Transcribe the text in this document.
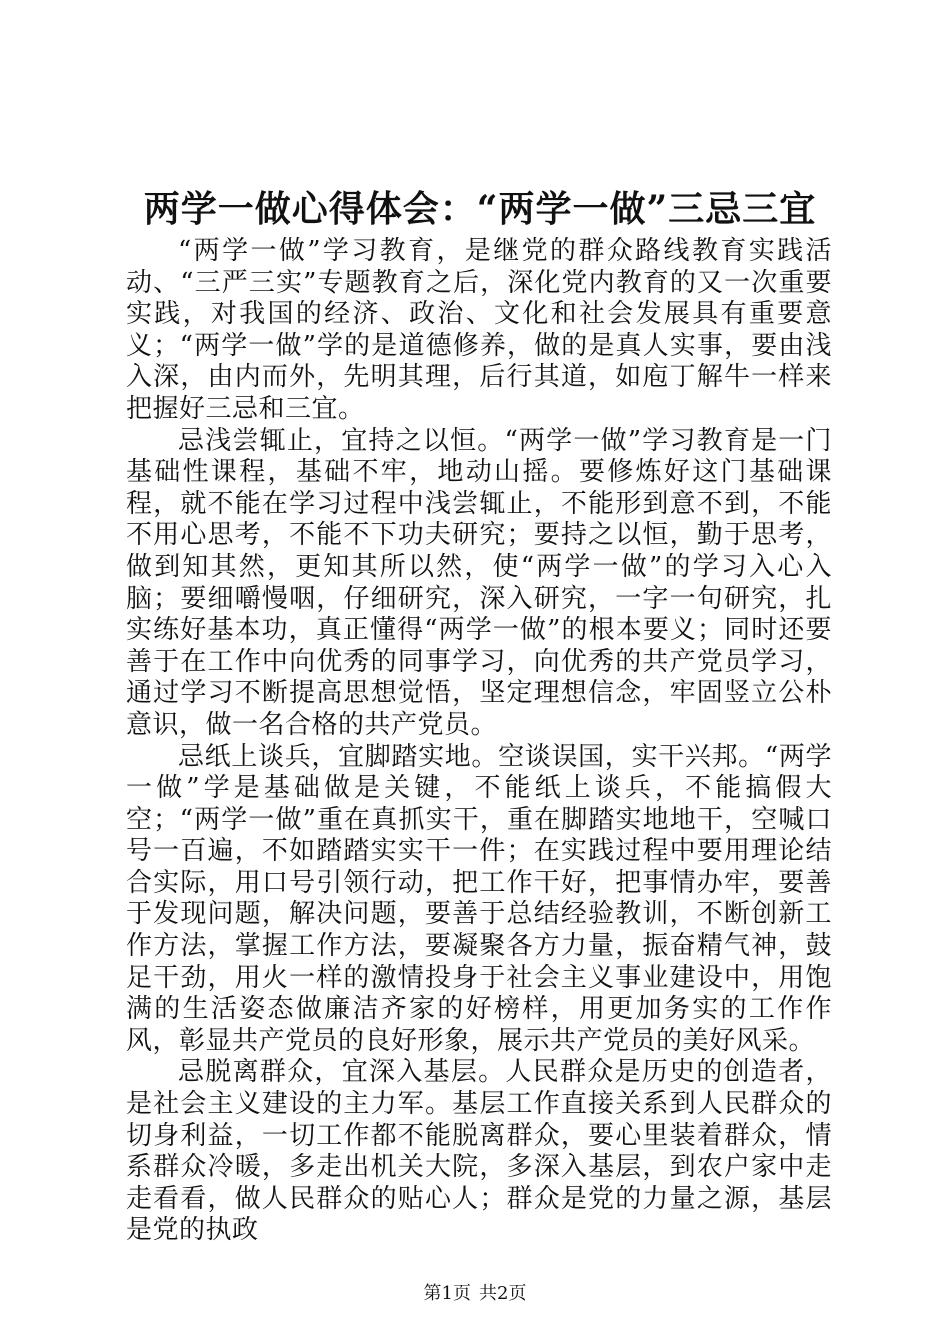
两学一做心得体会：“两学一做”三忌三宜

“两学一做”学习教育，是继党的群众路线教育实践活动、“三严三实”专题教育之后，深化党内教育的又一次重要实践，对我国的经济、政治、文化和社会发展具有重要意义；“两学一做”学的是道德修养，做的是真人实事，要由浅入深，由内而外，先明其理，后行其道，如庖丁解牛一样来把握好三忌和三宜。

忌浅尝辄止，宜持之以恒。“两学一做”学习教育是一门基础性课程，基础不牢，地动山摇。要修炼好这门基础课程，就不能在学习过程中浅尝辄止，不能形到意不到，不能不用心思考，不能不下功夫研究；要持之以恒，勤于思考，做到知其然，更知其所以然，使“两学一做”的学习入心入脑；要细嚼慢咽，仔细研究，深入研究，一字一句研究，扎实练好基本功，真正懂得“两学一做”的根本要义；同时还要善于在工作中向优秀的同事学习，向优秀的共产党员学习，通过学习不断提高思想觉悟，坚定理想信念，牢固竖立公朴意识，做一名合格的共产党员。

忌纸上谈兵，宜脚踏实地。空谈误国，实干兴邦。“两学一做”学是基础做是关键，不能纸上谈兵，不能搞假大空；“两学一做”重在真抓实干，重在脚踏实地地干，空喊口号一百遍，不如踏踏实实干一件；在实践过程中要用理论结合实际，用口号引领行动，把工作干好，把事情办牢，要善于发现问题，解决问题，要善于总结经验教训，不断创新工作方法，掌握工作方法，要凝聚各方力量，振奋精气神，鼓足干劲，用火一样的激情投身于社会主义事业建设中，用饱满的生活姿态做廉洁齐家的好榜样，用更加务实的工作作风，彰显共产党员的良好形象，展示共产党员的美好风采。

忌脱离群众，宜深入基层。人民群众是历史的创造者，是社会主义建设的主力军。基层工作直接关系到人民群众的切身利益，一切工作都不能脱离群众，要心里装着群众，情系群众冷暖，多走出机关大院，多深入基层，到农户家中走走看看，做人民群众的贴心人；群众是党的力量之源，基层是党的执政

第1页 共2页
